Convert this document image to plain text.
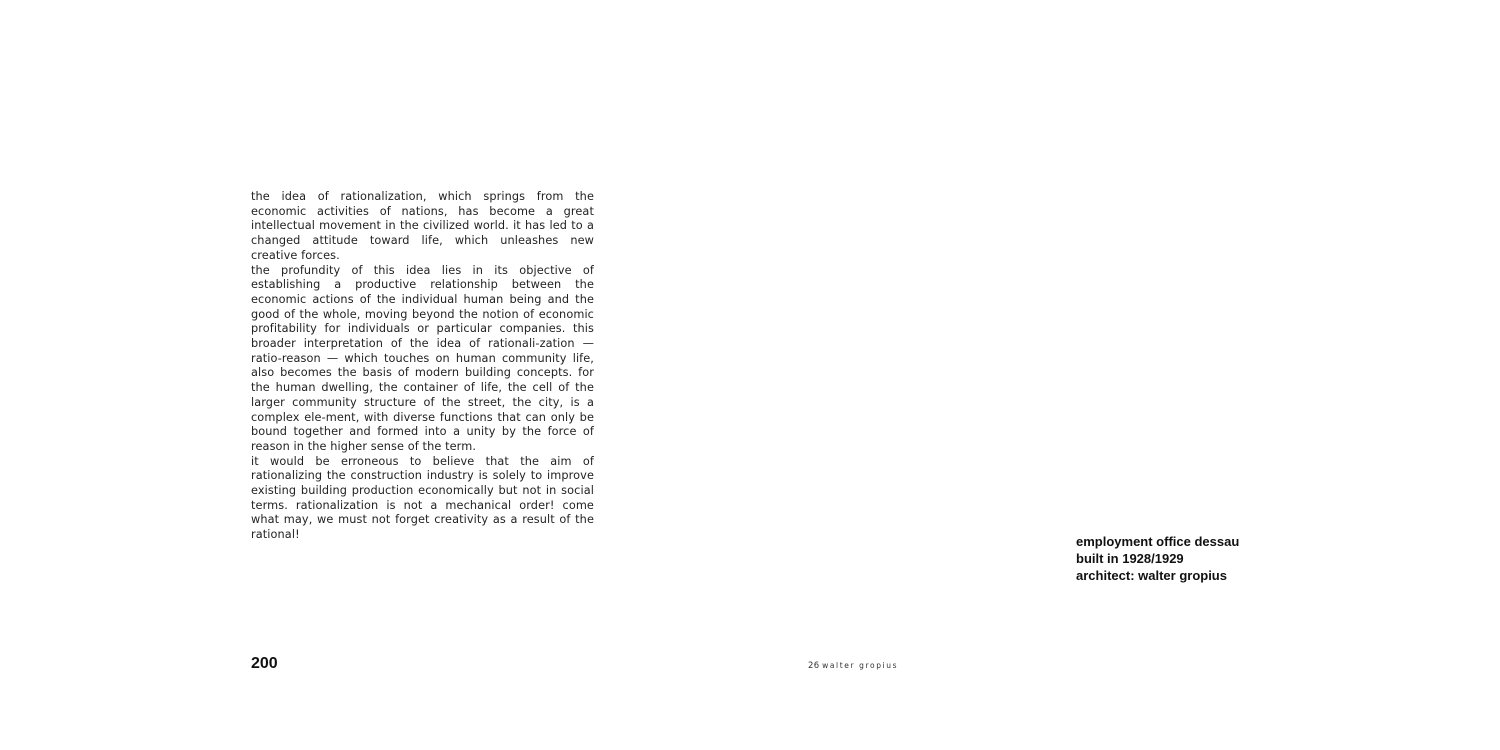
the idea of rationalization, which springs from the economic activities of nations, has become a great intellectual movement in the civilized world. it has led to a changed attitude toward life, which unleashes new creative forces.

the profundity of this idea lies in its objective of establishing a productive relationship between the economic actions of the individual human being and the good of the whole, moving beyond the notion of economic profitability for individuals or particular companies. this broader interpretation of the idea of rationali-zation — ratio-reason — which touches on human community life, also becomes the basis of modern building concepts. for the human dwelling, the container of life, the cell of the larger community structure of the street, the city, is a complex ele-ment, with diverse functions that can only be bound together and formed into a unity by the force of reason in the higher sense of the term.

it would be erroneous to believe that the aim of rationalizing the construction industry is solely to improve existing building production economically but not in social terms. rationalization is not a mechanical order! come what may, we must not forget creativity as a result of the rational!

200
employment office dessau
built in 1928/1929
architect: walter gropius
26 walter gropius
